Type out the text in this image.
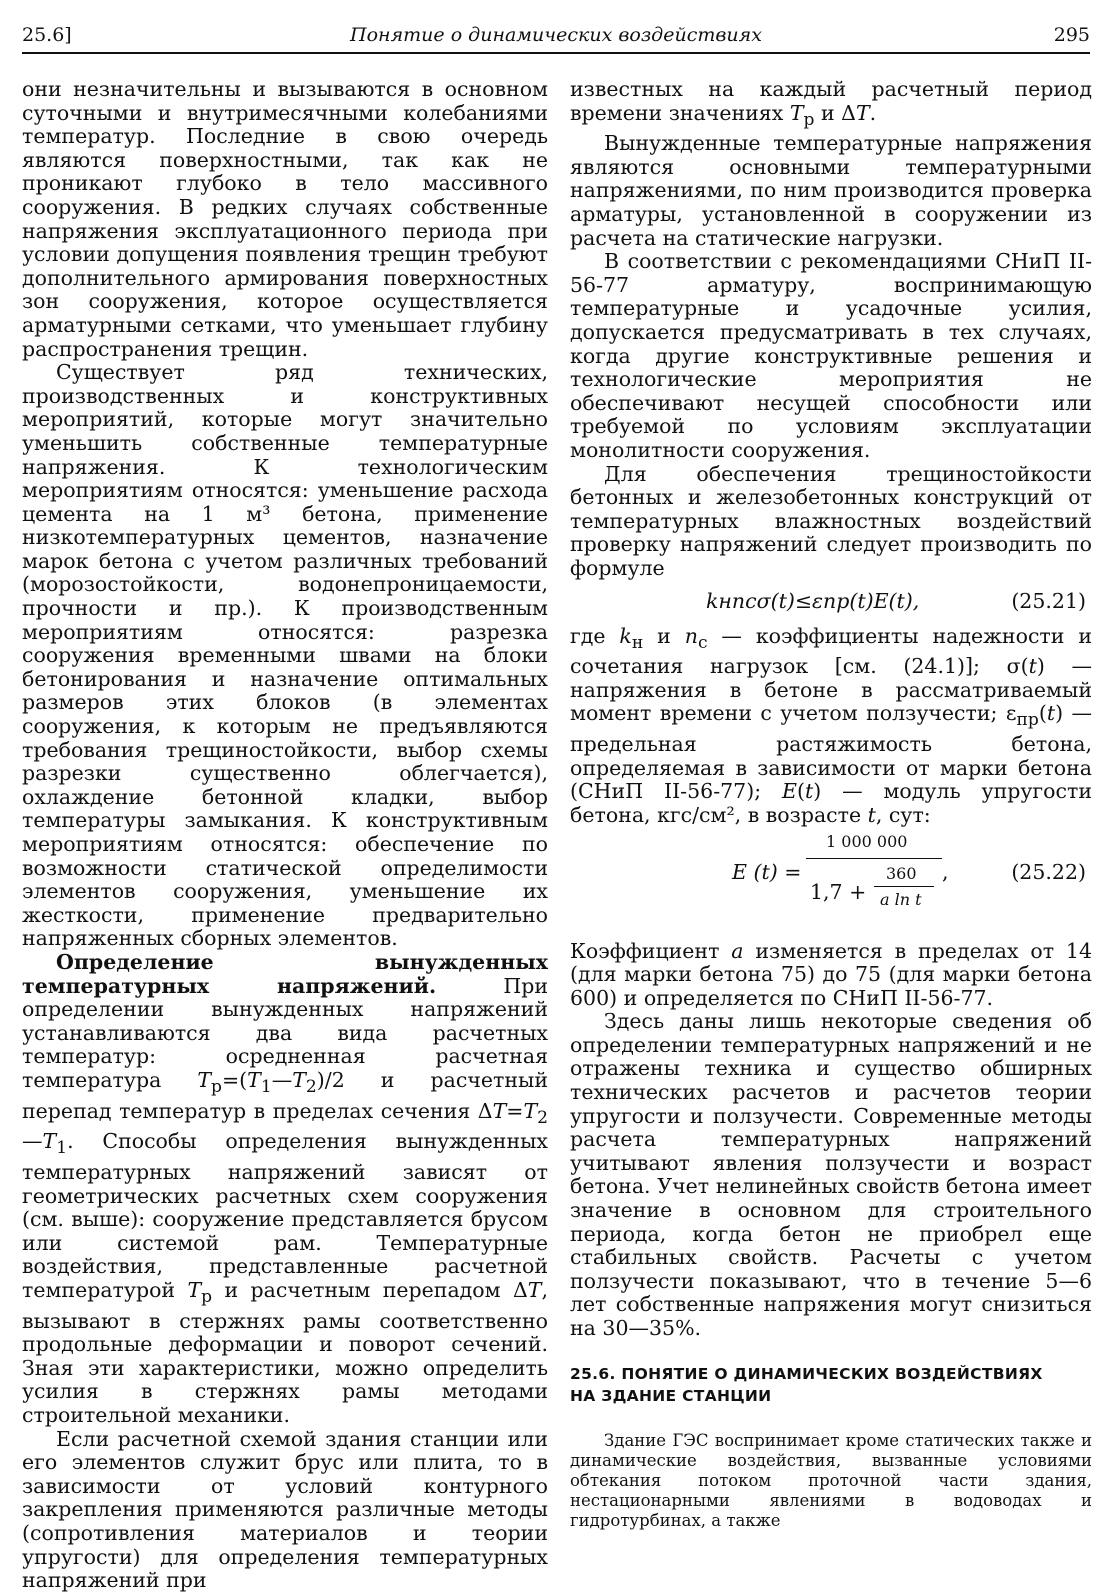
25.6]	Понятие о динамических воздействиях	295

они незначительны и вызываются в основном суточными и внутримесячными колебаниями температур. Последние в свою очередь являются поверхностными, так как не проникают глубоко в тело массивного сооружения. В редких случаях собственные напряжения эксплуатационного периода при условии допущения появления трещин требуют дополнительного армирования поверхностных зон сооружения, которое осуществляется арматурными сетками, что уменьшает глубину распространения трещин.

Существует ряд технических, производственных и конструктивных мероприятий, которые могут значительно уменьшить собственные температурные напряжения. К технологическим мероприятиям относятся: уменьшение расхода цемента на 1 м³ бетона, применение низкотемпературных цементов, назначение марок бетона с учетом различных требований (морозостойкости, водонепроницаемости, прочности и пр.). К производственным мероприятиям относятся: разрезка сооружения временными швами на блоки бетонирования и назначение оптимальных размеров этих блоков (в элементах сооружения, к которым не предъявляются требования трещиностойкости, выбор схемы разрезки существенно облегчается), охлаждение бетонной кладки, выбор температуры замыкания. К конструктивным мероприятиям относятся: обеспечение по возможности статической определимости элементов сооружения, уменьшение их жесткости, применение предварительно напряженных сборных элементов.

Определение вынужденных температурных напряжений. При определении вынужденных напряжений устанавливаются два вида расчетных температур: осредненная расчетная температура $T_р=(T_1—T_2)/2$ и расчетный перепад температур в пределах сечения $\Delta T=T_2—T_1$. Способы определения вынужденных температурных напряжений зависят от геометрических расчетных схем сооружения (см. выше): сооружение представляется брусом или системой рам. Температурные воздействия, представленные расчетной температурой $T_р$ и расчетным перепадом ΔT, вызывают в стержнях рамы соответственно продольные деформации и поворот сечений. Зная эти характеристики, можно определить усилия в стержнях рамы методами строительной механики.

Если расчетной схемой здания станции или его элементов служит брус или плита, то в зависимости от условий контурного закрепления применяются различные методы (сопротивления материалов и теории упругости) для определения температурных напряжений при

известных на каждый расчетный период времени значениях $T_р$ и ΔT.

Вынужденные температурные напряжения являются основными температурными напряжениями, по ним производится проверка арматуры, установленной в сооружении из расчета на статические нагрузки.

В соответствии с рекомендациями СНиП II-56-77 арматуру, воспринимающую температурные и усадочные усилия, допускается предусматривать в тех случаях, когда другие конструктивные решения и технологические мероприятия не обеспечивают несущей способности или требуемой по условиям эксплуатации монолитности сооружения.

Для обеспечения трещиностойкости бетонных и железобетонных конструкций от температурных влажностных воздействий проверку напряжений следует производить по формуле

kнnсσ(t)≤εпр(t)E(t),	(25.21)

где $k_н$ и $n_с$ — коэффициенты надежности и сочетания нагрузок [см. (24.1)]; σ(t) — напряжения в бетоне в рассматриваемый момент времени с учетом ползучести; $\varepsilon_{пр}(t)$ — предельная растяжимость бетона, определяемая в зависимости от марки бетона (СНиП II-56-77); E(t) — модуль упругости бетона, кгс/см², в возрасте t, сут:

E (t) =
1 000 000
1,7 +
360
a ln t
,	(25.22)

Коэффициент a изменяется в пределах от 14 (для марки бетона 75) до 75 (для марки бетона 600) и определяется по СНиП II-56-77.

Здесь даны лишь некоторые сведения об определении температурных напряжений и не отражены техника и существо обширных технических расчетов и расчетов теории упругости и ползучести. Современные методы расчета температурных напряжений учитывают явления ползучести и возраст бетона. Учет нелинейных свойств бетона имеет значение в основном для строительного периода, когда бетон не приобрел еще стабильных свойств. Расчеты с учетом ползучести показывают, что в течение 5—6 лет собственные напряжения могут снизиться на 30—35%.

25.6. ПОНЯТИЕ О ДИНАМИЧЕСКИХ ВОЗДЕЙСТВИЯХ
НА ЗДАНИЕ СТАНЦИИ

Здание ГЭС воспринимает кроме статических также и динамические воздействия, вызванные условиями обтекания потоком проточной части здания, нестационарными явлениями в водоводах и гидротурбинах, а также
